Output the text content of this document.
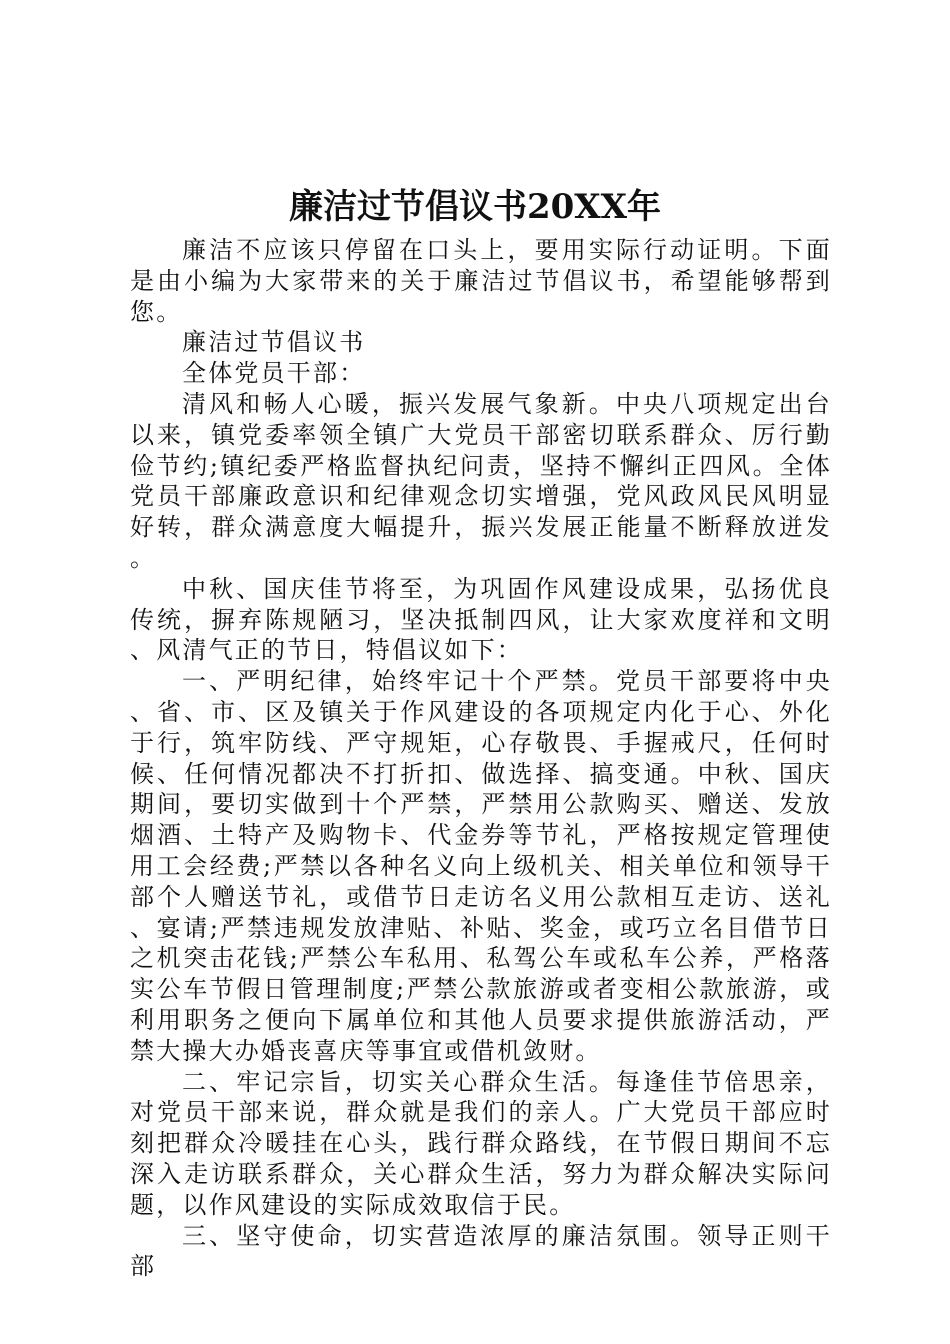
廉洁过节倡议书20XX年

廉洁不应该只停留在口头上，要用实际行动证明。下面是由小编为大家带来的关于廉洁过节倡议书，希望能够帮到您。

廉洁过节倡议书

全体党员干部：

清风和畅人心暖，振兴发展气象新。中央八项规定出台以来，镇党委率领全镇广大党员干部密切联系群众、厉行勤俭节约;镇纪委严格监督执纪问责，坚持不懈纠正四风。全体党员干部廉政意识和纪律观念切实增强，党风政风民风明显好转，群众满意度大幅提升，振兴发展正能量不断释放迸发。

中秋、国庆佳节将至，为巩固作风建设成果，弘扬优良传统，摒弃陈规陋习，坚决抵制四风，让大家欢度祥和文明、风清气正的节日，特倡议如下：

一、严明纪律，始终牢记十个严禁。党员干部要将中央、省、市、区及镇关于作风建设的各项规定内化于心、外化于行，筑牢防线、严守规矩，心存敬畏、手握戒尺，任何时候、任何情况都决不打折扣、做选择、搞变通。中秋、国庆期间，要切实做到十个严禁，严禁用公款购买、赠送、发放烟酒、土特产及购物卡、代金券等节礼，严格按规定管理使用工会经费;严禁以各种名义向上级机关、相关单位和领导干部个人赠送节礼，或借节日走访名义用公款相互走访、送礼、宴请;严禁违规发放津贴、补贴、奖金，或巧立名目借节日之机突击花钱;严禁公车私用、私驾公车或私车公养，严格落实公车节假日管理制度;严禁公款旅游或者变相公款旅游，或利用职务之便向下属单位和其他人员要求提供旅游活动，严禁大操大办婚丧喜庆等事宜或借机敛财。

二、牢记宗旨，切实关心群众生活。每逢佳节倍思亲，对党员干部来说，群众就是我们的亲人。广大党员干部应时刻把群众冷暖挂在心头，践行群众路线，在节假日期间不忘深入走访联系群众，关心群众生活，努力为群众解决实际问题，以作风建设的实际成效取信于民。

三、坚守使命，切实营造浓厚的廉洁氛围。领导正则干部
